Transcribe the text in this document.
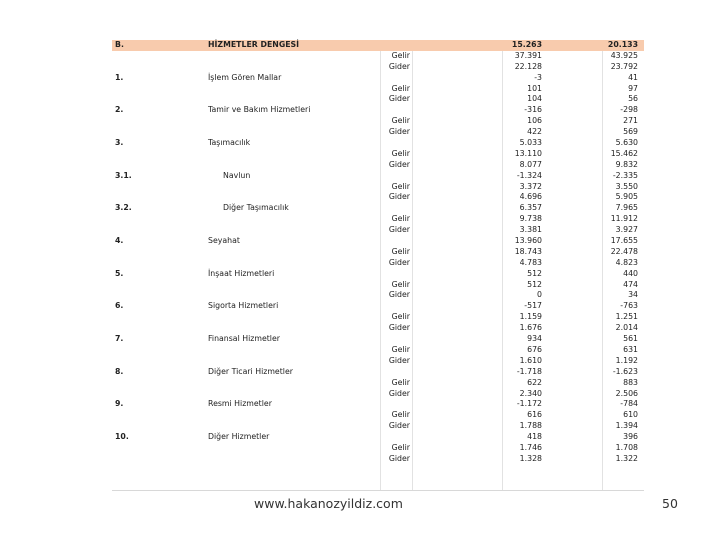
B.	HİZMETLER DENGESİ	15.263	20.133
Gelir	37.391	43.925
Gider	22.128	23.792
1.	İşlem Gören Mallar	-3	41
Gelir	101	97
Gider	104	56
2.	Tamir ve Bakım Hizmetleri	-316	-298
Gelir	106	271
Gider	422	569
3.	Taşımacılık	5.033	5.630
Gelir	13.110	15.462
Gider	8.077	9.832
3.1.	Navlun	-1.324	-2.335
Gelir	3.372	3.550
Gider	4.696	5.905
3.2.	Diğer Taşımacılık	6.357	7.965
Gelir	9.738	11.912
Gider	3.381	3.927
4.	Seyahat	13.960	17.655
Gelir	18.743	22.478
Gider	4.783	4.823
5.	İnşaat Hizmetleri	512	440
Gelir	512	474
Gider	0	34
6.	Sigorta Hizmetleri	-517	-763
Gelir	1.159	1.251
Gider	1.676	2.014
7.	Finansal Hizmetler	934	561
Gelir	676	631
Gider	1.610	1.192
8.	Diğer Ticari Hizmetler	-1.718	-1.623
Gelir	622	883
Gider	2.340	2.506
9.	Resmi Hizmetler	-1.172	-784
Gelir	616	610
Gider	1.788	1.394
10.	Diğer Hizmetler	418	396
Gelir	1.746	1.708
Gider	1.328	1.322
www.hakanozyildiz.com	50
